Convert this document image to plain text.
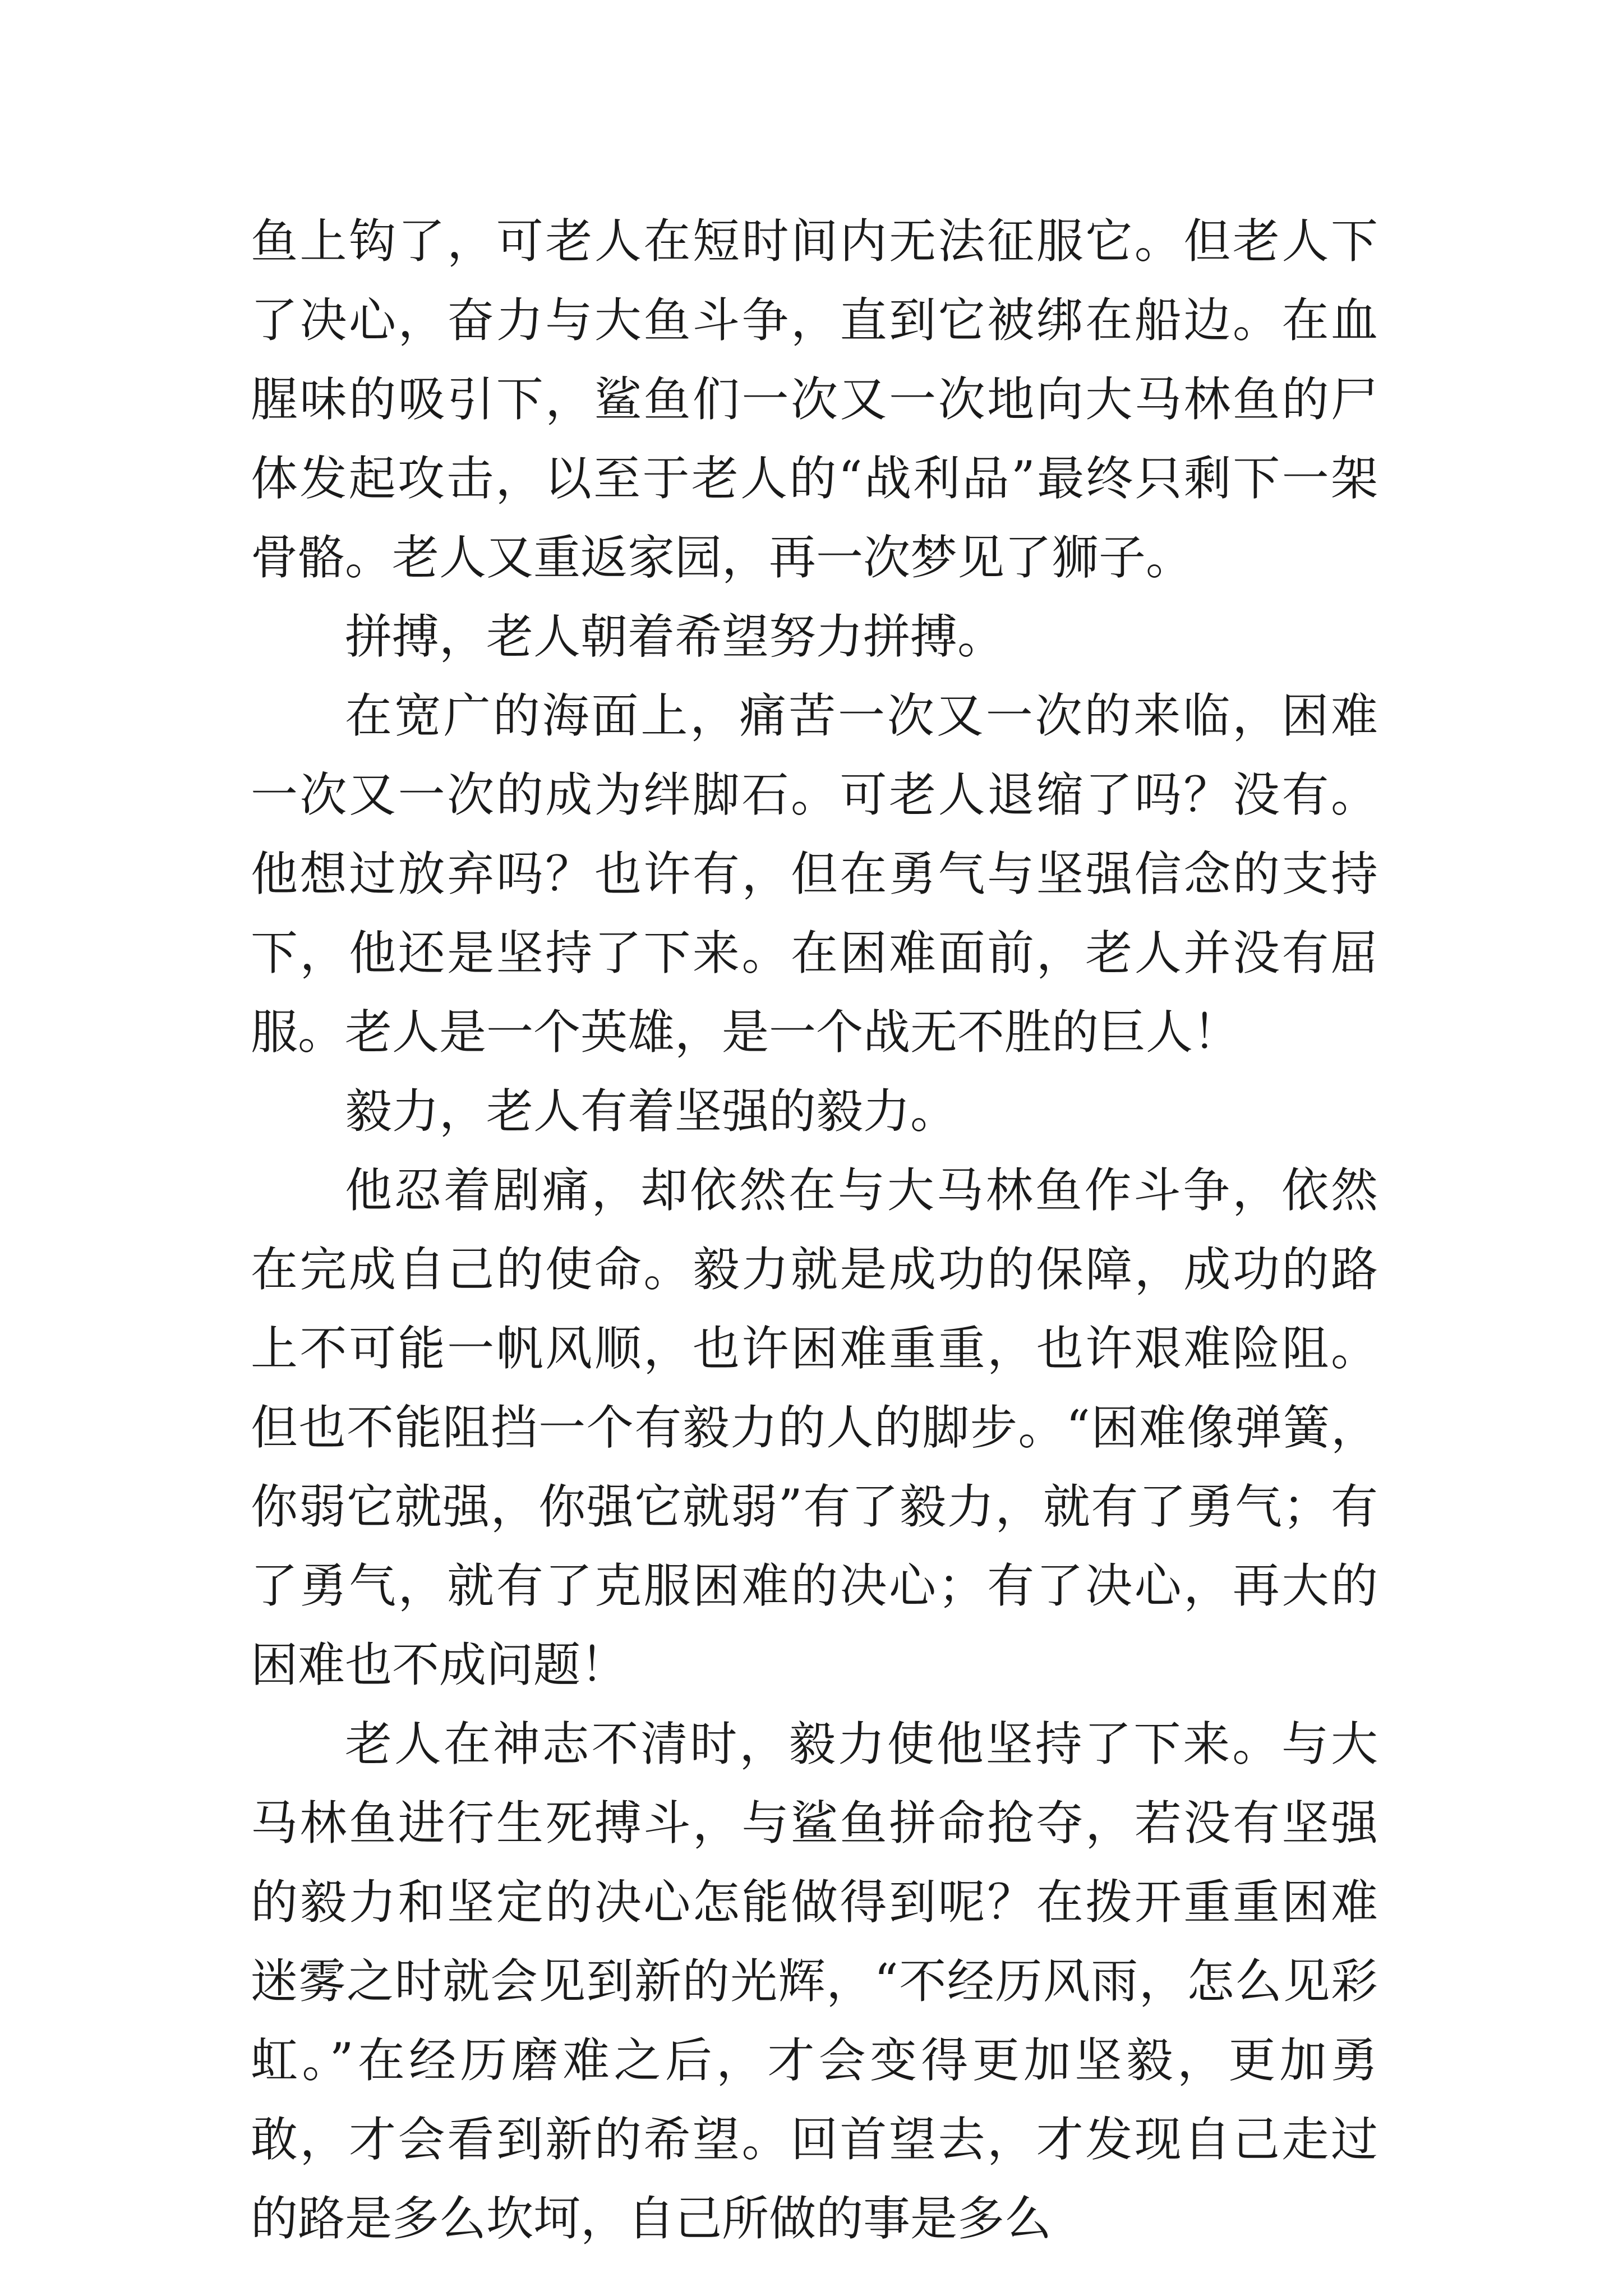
鱼上钩了，可老人在短时间内无法征服它。但老人下了决心，奋力与大鱼斗争，直到它被绑在船边。在血腥味的吸引下，鲨鱼们一次又一次地向大马林鱼的尸体发起攻击，以至于老人的“战利品”最终只剩下一架骨骼。老人又重返家园，再一次梦见了狮子。

拼搏，老人朝着希望努力拼搏。

在宽广的海面上，痛苦一次又一次的来临，困难一次又一次的成为绊脚石。可老人退缩了吗？没有。他想过放弃吗？也许有，但在勇气与坚强信念的支持下，他还是坚持了下来。在困难面前，老人并没有屈服。老人是一个英雄，是一个战无不胜的巨人！

毅力，老人有着坚强的毅力。

他忍着剧痛，却依然在与大马林鱼作斗争，依然在完成自己的使命。毅力就是成功的保障，成功的路上不可能一帆风顺，也许困难重重，也许艰难险阻。但也不能阻挡一个有毅力的人的脚步。“困难像弹簧，你弱它就强，你强它就弱”有了毅力，就有了勇气；有了勇气，就有了克服困难的决心；有了决心，再大的困难也不成问题！

老人在神志不清时，毅力使他坚持了下来。与大马林鱼进行生死搏斗，与鲨鱼拼命抢夺，若没有坚强的毅力和坚定的决心怎能做得到呢？在拨开重重困难迷雾之时就会见到新的光辉，“不经历风雨，怎么见彩虹。”在经历磨难之后，才会变得更加坚毅，更加勇敢，才会看到新的希望。回首望去，才发现自己走过的路是多么坎坷，自己所做的事是多么
